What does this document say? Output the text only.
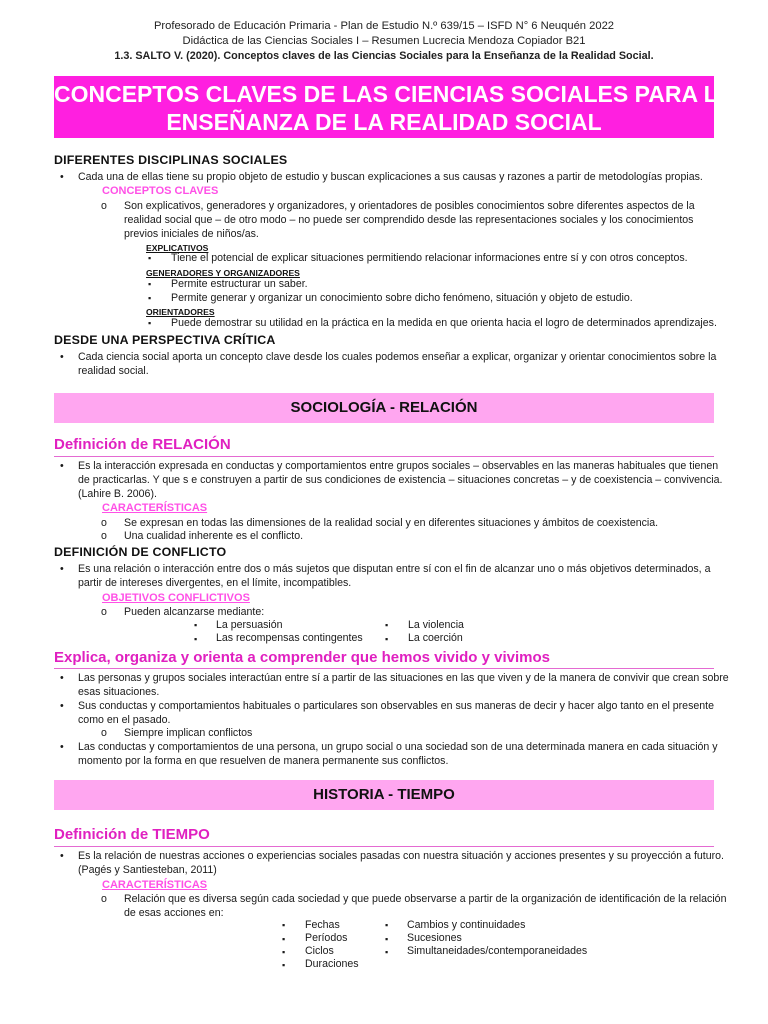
Profesorado de Educación Primaria - Plan de Estudio N.º 639/15 – ISFD N° 6 Neuquén 2022
Didáctica de las Ciencias Sociales I – Resumen Lucrecia Mendoza Copiador B21
1.3. SALTO V. (2020). Conceptos claves de las Ciencias Sociales para la Enseñanza de la Realidad Social.
CONCEPTOS CLAVES DE LAS CIENCIAS SOCIALES PARA LA
ENSEÑANZA DE LA REALIDAD SOCIAL
DIFERENTES DISCIPLINAS SOCIALES
• Cada una de ellas tiene su propio objeto de estudio y buscan explicaciones a sus causas y razones a partir de metodologías propias.
CONCEPTOS CLAVES
o Son explicativos, generadores y organizadores, y orientadores de posibles conocimientos sobre diferentes aspectos de la
realidad social que – de otro modo – no puede ser comprendido desde las representaciones sociales y los conocimientos
previos iniciales de niños/as.
EXPLICATIVOS
▪ Tiene el potencial de explicar situaciones permitiendo relacionar informaciones entre sí y con otros conceptos.
GENERADORES Y ORGANIZADORES
▪ Permite estructurar un saber.
▪ Permite generar y organizar un conocimiento sobre dicho fenómeno, situación y objeto de estudio.
ORIENTADORES
▪ Puede demostrar su utilidad en la práctica en la medida en que orienta hacia el logro de determinados aprendizajes.
DESDE UNA PERSPECTIVA CRÍTICA
• Cada ciencia social aporta un concepto clave desde los cuales podemos enseñar a explicar, organizar y orientar conocimientos sobre la
realidad social.
SOCIOLOGÍA - RELACIÓN
Definición de RELACIÓN
• Es la interacción expresada en conductas y comportamientos entre grupos sociales – observables en las maneras habituales que tienen
de practicarlas. Y que s e construyen a partir de sus condiciones de existencia – situaciones concretas – y de coexistencia – convivencia.
(Lahire B. 2006).
CARACTERÍSTICAS
o Se expresan en todas las dimensiones de la realidad social y en diferentes situaciones y ámbitos de coexistencia.
o Una cualidad inherente es el conflicto.
DEFINICIÓN DE CONFLICTO
• Es una relación o interacción entre dos o más sujetos que disputan entre sí con el fin de alcanzar uno o más objetivos determinados, a
partir de intereses divergentes, en el límite, incompatibles.
OBJETIVOS CONFLICTIVOS
o Pueden alcanzarse mediante:
▪ La persuasión
▪ Las recompensas contingentes
▪ La violencia
▪ La coerción
Explica, organiza y orienta a comprender que hemos vivido y vivimos
• Las personas y grupos sociales interactúan entre sí a partir de las situaciones en las que viven y de la manera de convivir que crean sobre
esas situaciones.
• Sus conductas y comportamientos habituales o particulares son observables en sus maneras de decir y hacer algo tanto en el presente
como en el pasado.
o Siempre implican conflictos
• Las conductas y comportamientos de una persona, un grupo social o una sociedad son de una determinada manera en cada situación y
momento por la forma en que resuelven de manera permanente sus conflictos.
HISTORIA - TIEMPO
Definición de TIEMPO
• Es la relación de nuestras acciones o experiencias sociales pasadas con nuestra situación y acciones presentes y su proyección a futuro.
(Pagés y Santiesteban, 2011)
CARACTERÍSTICAS
o Relación que es diversa según cada sociedad y que puede observarse a partir de la organización de identificación de la relación
de esas acciones en:
▪ Fechas
▪ Períodos
▪ Ciclos
▪ Duraciones
▪ Cambios y continuidades
▪ Sucesiones
▪ Simultaneidades/contemporaneidades
